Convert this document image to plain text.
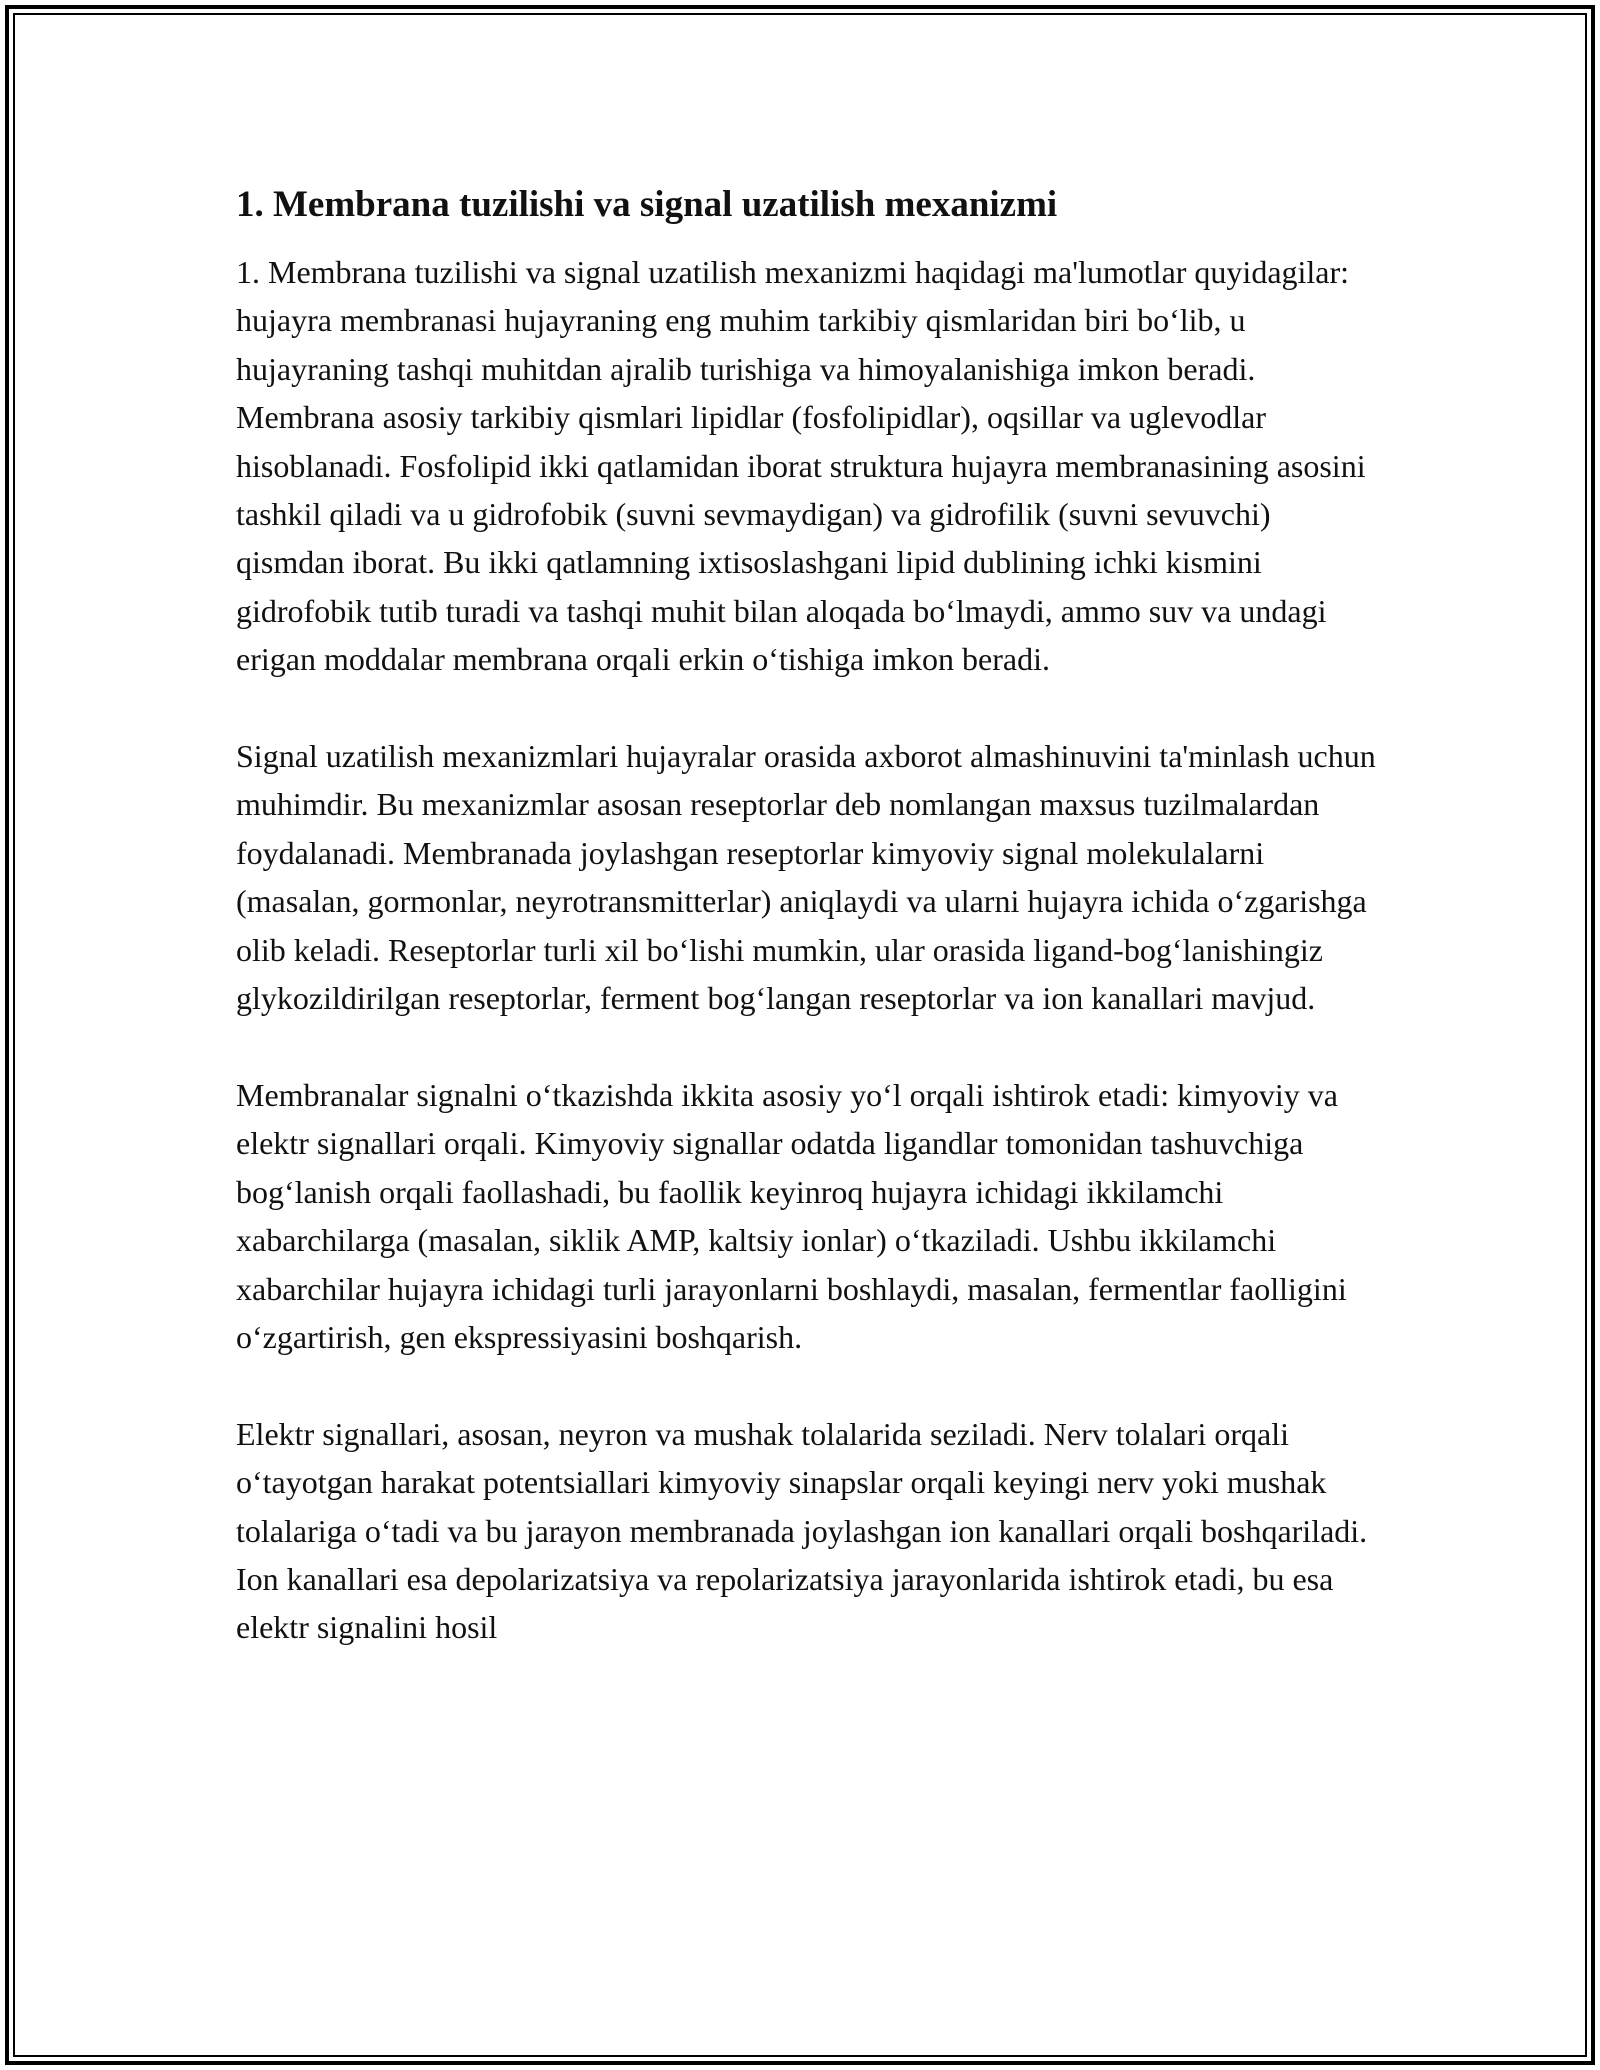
1. Membrana tuzilishi va signal uzatilish mexanizmi

1. Membrana tuzilishi va signal uzatilish mexanizmi haqidagi ma'lumotlar quyidagilar: hujayra membranasi hujayraning eng muhim tarkibiy qismlaridan biri bo‘lib, u hujayraning tashqi muhitdan ajralib turishiga va himoyalanishiga imkon beradi. Membrana asosiy tarkibiy qismlari lipidlar (fosfolipidlar), oqsillar va uglevodlar hisoblanadi. Fosfolipid ikki qatlamidan iborat struktura hujayra membranasining asosini tashkil qiladi va u gidrofobik (suvni sevmaydigan) va gidrofilik (suvni sevuvchi) qismdan iborat. Bu ikki qatlamning ixtisoslashgani lipid dublining ichki kismini gidrofobik tutib turadi va tashqi muhit bilan aloqada bo‘lmaydi, ammo suv va undagi erigan moddalar membrana orqali erkin o‘tishiga imkon beradi.

Signal uzatilish mexanizmlari hujayralar orasida axborot almashinuvini ta'minlash uchun muhimdir. Bu mexanizmlar asosan reseptorlar deb nomlangan maxsus tuzilmalardan foydalanadi. Membranada joylashgan reseptorlar kimyoviy signal molekulalarni (masalan, gormonlar, neyrotransmitterlar) aniqlaydi va ularni hujayra ichida o‘zgarishga olib keladi. Reseptorlar turli xil bo‘lishi mumkin, ular orasida ligand-bog‘lanishingiz glykozildirilgan reseptorlar, ferment bog‘langan reseptorlar va ion kanallari mavjud.

Membranalar signalni o‘tkazishda ikkita asosiy yo‘l orqali ishtirok etadi: kimyoviy va elektr signallari orqali. Kimyoviy signallar odatda ligandlar tomonidan tashuvchiga bog‘lanish orqali faollashadi, bu faollik keyinroq hujayra ichidagi ikkilamchi xabarchilarga (masalan, siklik AMP, kaltsiy ionlar) o‘tkaziladi. Ushbu ikkilamchi xabarchilar hujayra ichidagi turli jarayonlarni boshlaydi, masalan, fermentlar faolligini o‘zgartirish, gen ekspressiyasini boshqarish.

Elektr signallari, asosan, neyron va mushak tolalarida seziladi. Nerv tolalari orqali o‘tayotgan harakat potentsiallari kimyoviy sinapslar orqali keyingi nerv yoki mushak tolalariga o‘tadi va bu jarayon membranada joylashgan ion kanallari orqali boshqariladi. Ion kanallari esa depolarizatsiya va repolarizatsiya jarayonlarida ishtirok etadi, bu esa elektr signalini hosil
